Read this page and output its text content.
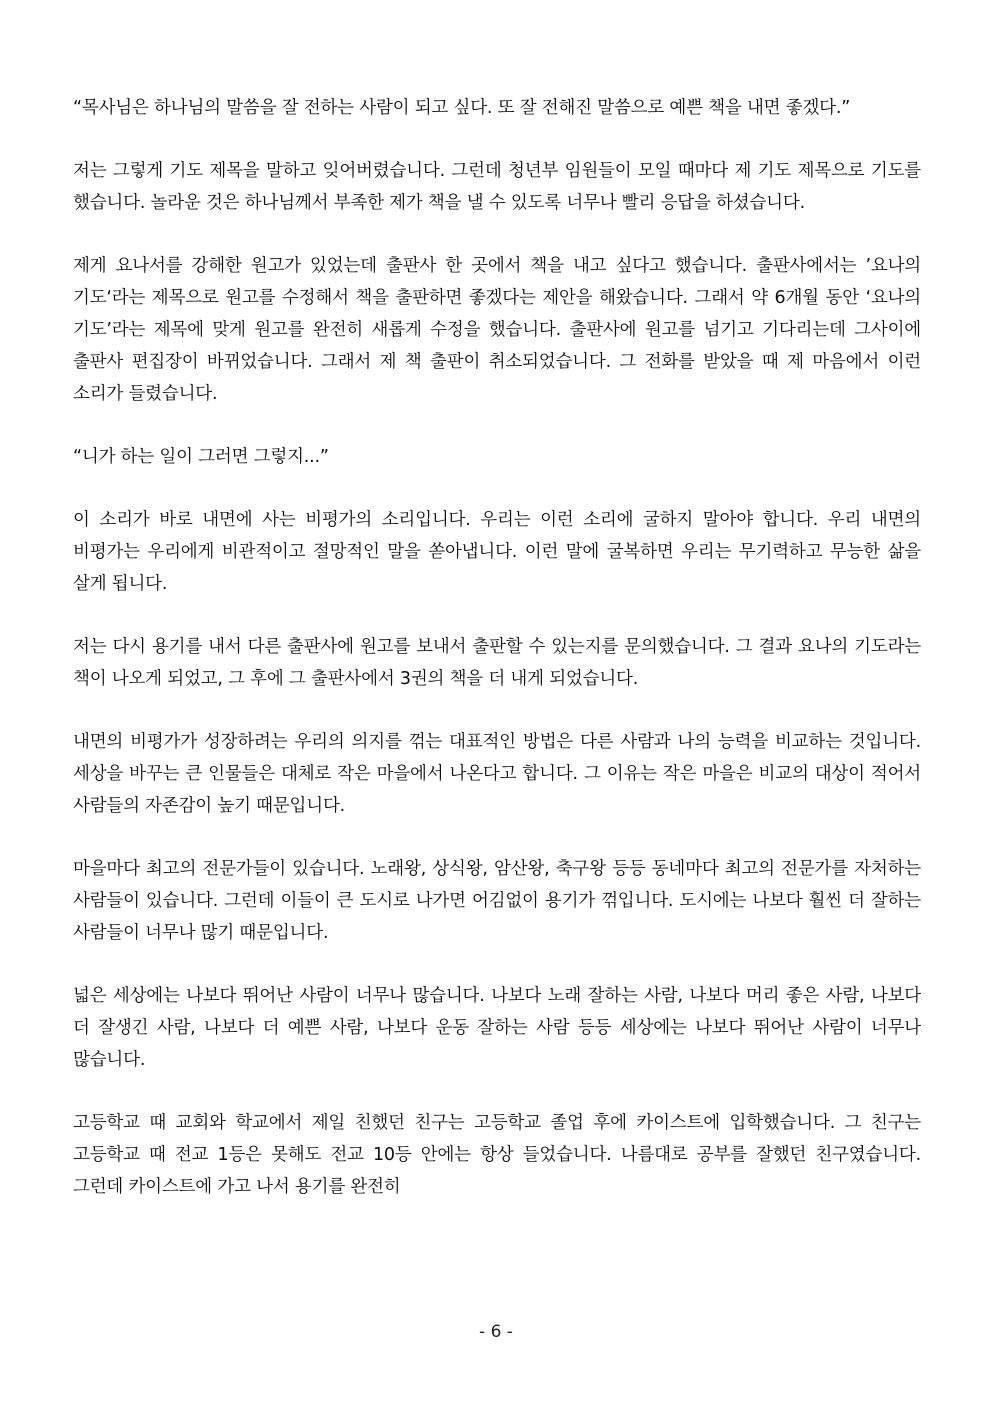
“목사님은 하나님의 말씀을 잘 전하는 사람이 되고 싶다. 또 잘 전해진 말씀으로 예쁜 책을 내면 좋겠다.”

저는 그렇게 기도 제목을 말하고 잊어버렸습니다. 그런데 청년부 임원들이 모일 때마다 제 기도 제목으로 기도를 했습니다. 놀라운 것은 하나님께서 부족한 제가 책을 낼 수 있도록 너무나 빨리 응답을 하셨습니다.

제게 요나서를 강해한 원고가 있었는데 출판사 한 곳에서 책을 내고 싶다고 했습니다. 출판사에서는 ’요나의 기도‘라는 제목으로 원고를 수정해서 책을 출판하면 좋겠다는 제안을 해왔습니다. 그래서 약 6개월 동안 ‘요나의 기도’라는 제목에 맞게 원고를 완전히 새롭게 수정을 했습니다. 출판사에 원고를 넘기고 기다리는데 그사이에 출판사 편집장이 바뀌었습니다. 그래서 제 책 출판이 취소되었습니다. 그 전화를 받았을 때 제 마음에서 이런 소리가 들렸습니다.

“니가 하는 일이 그러면 그렇지...”

이 소리가 바로 내면에 사는 비평가의 소리입니다. 우리는 이런 소리에 굴하지 말아야 합니다. 우리 내면의 비평가는 우리에게 비관적이고 절망적인 말을 쏟아냅니다. 이런 말에 굴복하면 우리는 무기력하고 무능한 삶을 살게 됩니다.

저는 다시 용기를 내서 다른 출판사에 원고를 보내서 출판할 수 있는지를 문의했습니다. 그 결과 요나의 기도라는 책이 나오게 되었고, 그 후에 그 출판사에서 3권의 책을 더 내게 되었습니다.

내면의 비평가가 성장하려는 우리의 의지를 꺾는 대표적인 방법은 다른 사람과 나의 능력을 비교하는 것입니다. 세상을 바꾸는 큰 인물들은 대체로 작은 마을에서 나온다고 합니다. 그 이유는 작은 마을은 비교의 대상이 적어서 사람들의 자존감이 높기 때문입니다.

마을마다 최고의 전문가들이 있습니다. 노래왕, 상식왕, 암산왕, 축구왕 등등 동네마다 최고의 전문가를 자처하는 사람들이 있습니다. 그런데 이들이 큰 도시로 나가면 어김없이 용기가 꺾입니다. 도시에는 나보다 훨씬 더 잘하는 사람들이 너무나 많기 때문입니다.

넓은 세상에는 나보다 뛰어난 사람이 너무나 많습니다. 나보다 노래 잘하는 사람, 나보다 머리 좋은 사람, 나보다 더 잘생긴 사람, 나보다 더 예쁜 사람, 나보다 운동 잘하는 사람 등등 세상에는 나보다 뛰어난 사람이 너무나 많습니다.

고등학교 때 교회와 학교에서 제일 친했던 친구는 고등학교 졸업 후에 카이스트에 입학했습니다. 그 친구는 고등학교 때 전교 1등은 못해도 전교 10등 안에는 항상 들었습니다. 나름대로 공부를 잘했던 친구였습니다. 그런데 카이스트에 가고 나서 용기를 완전히

- 6 -
